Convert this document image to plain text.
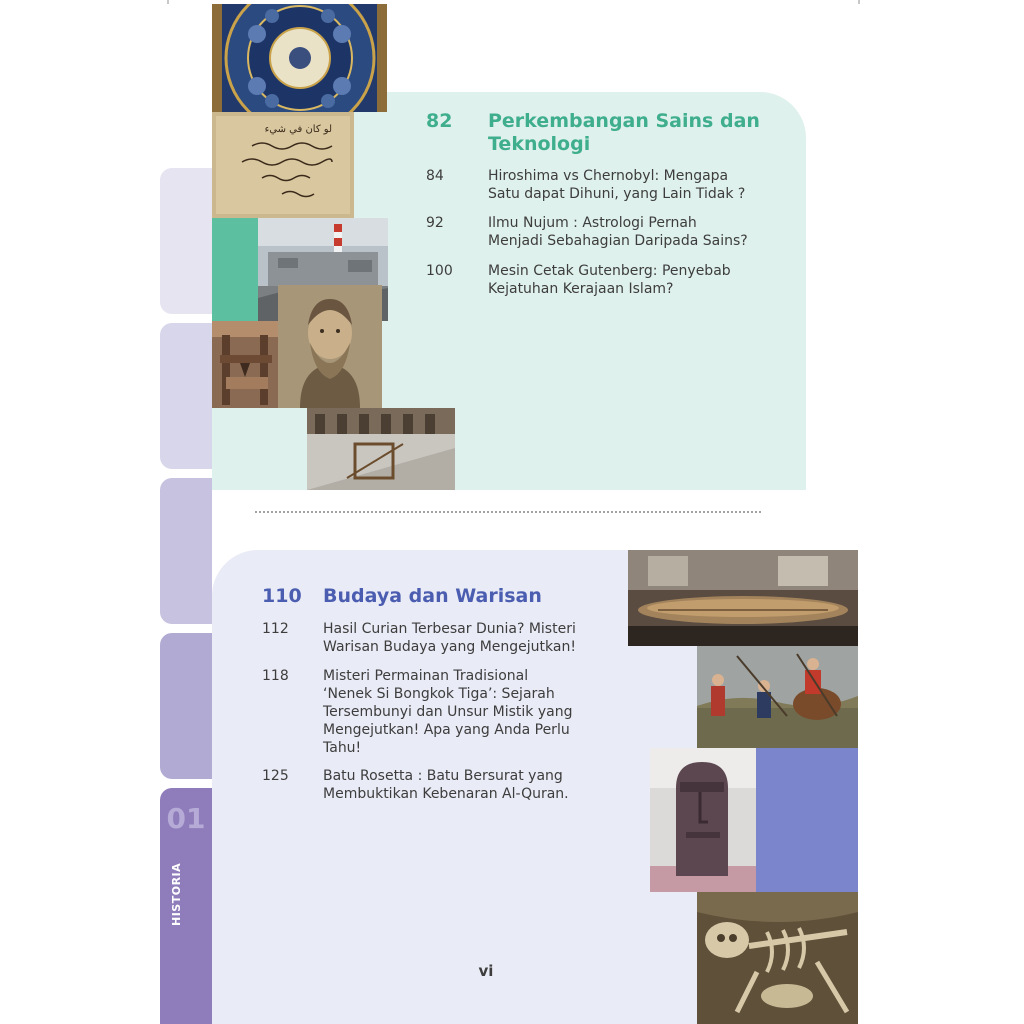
01
HISTORIA
لو كان في شيء	82 Perkembangan Sains dan Teknologi
84	Hiroshima vs Chernobyl: Mengapa
Satu dapat Dihuni, yang Lain Tidak ?
92	Ilmu Nujum : Astrologi Pernah
Menjadi Sebahagian Daripada Sains?
100	Mesin Cetak Gutenberg: Penyebab
Kejatuhan Kerajaan Islam?
110 Budaya dan Warisan
112 Hasil Curian Terbesar Dunia? Misteri
Warisan Budaya yang Mengejutkan!
118 Misteri Permainan Tradisional
‘Nenek Si Bongkok Tiga’: Sejarah
Tersembunyi dan Unsur Mistik yang
Mengejutkan! Apa yang Anda Perlu
Tahu!
125 Batu Rosetta : Batu Bersurat yang
Membuktikan Kebenaran Al-Quran.
vi
